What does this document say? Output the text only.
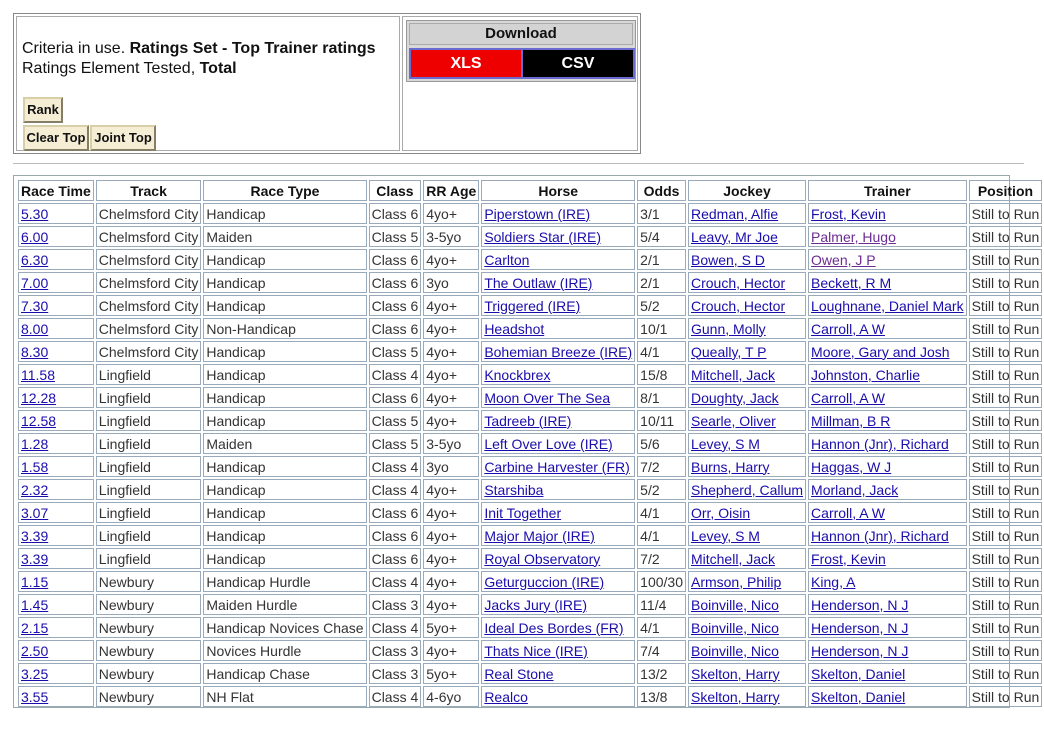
Criteria in use. Ratings Set - Top Trainer ratings
Ratings Element Tested, Total
Rank
Clear Top Joint Top
Download
XLS	CSV
Race Time	Track	Race Type	Class	RR Age	Horse	Odds	Jockey	Trainer	Position
5.30	Chelmsford City	Handicap	Class 6	4yo+	Piperstown (IRE)	3/1	Redman, Alfie	Frost, Kevin	Still to Run
6.00	Chelmsford City	Maiden	Class 5	3-5yo	Soldiers Star (IRE)	5/4	Leavy, Mr Joe	Palmer, Hugo	Still to Run
6.30	Chelmsford City	Handicap	Class 6	4yo+	Carlton	2/1	Bowen, S D	Owen, J P	Still to Run
7.00	Chelmsford City	Handicap	Class 6	3yo	The Outlaw (IRE)	2/1	Crouch, Hector	Beckett, R M	Still to Run
7.30	Chelmsford City	Handicap	Class 6	4yo+	Triggered (IRE)	5/2	Crouch, Hector	Loughnane, Daniel Mark	Still to Run
8.00	Chelmsford City	Non-Handicap	Class 6	4yo+	Headshot	10/1	Gunn, Molly	Carroll, A W	Still to Run
8.30	Chelmsford City	Handicap	Class 5	4yo+	Bohemian Breeze (IRE)	4/1	Queally, T P	Moore, Gary and Josh	Still to Run
11.58	Lingfield	Handicap	Class 4	4yo+	Knockbrex	15/8	Mitchell, Jack	Johnston, Charlie	Still to Run
12.28	Lingfield	Handicap	Class 6	4yo+	Moon Over The Sea	8/1	Doughty, Jack	Carroll, A W	Still to Run
12.58	Lingfield	Handicap	Class 5	4yo+	Tadreeb (IRE)	10/11	Searle, Oliver	Millman, B R	Still to Run
1.28	Lingfield	Maiden	Class 5	3-5yo	Left Over Love (IRE)	5/6	Levey, S M	Hannon (Jnr), Richard	Still to Run
1.58	Lingfield	Handicap	Class 4	3yo	Carbine Harvester (FR)	7/2	Burns, Harry	Haggas, W J	Still to Run
2.32	Lingfield	Handicap	Class 4	4yo+	Starshiba	5/2	Shepherd, Callum	Morland, Jack	Still to Run
3.07	Lingfield	Handicap	Class 6	4yo+	Init Together	4/1	Orr, Oisin	Carroll, A W	Still to Run
3.39	Lingfield	Handicap	Class 6	4yo+	Major Major (IRE)	4/1	Levey, S M	Hannon (Jnr), Richard	Still to Run
3.39	Lingfield	Handicap	Class 6	4yo+	Royal Observatory	7/2	Mitchell, Jack	Frost, Kevin	Still to Run
1.15	Newbury	Handicap Hurdle	Class 4	4yo+	Geturguccion (IRE)	100/30	Armson, Philip	King, A	Still to Run
1.45	Newbury	Maiden Hurdle	Class 3	4yo+	Jacks Jury (IRE)	11/4	Boinville, Nico	Henderson, N J	Still to Run
2.15	Newbury	Handicap Novices Chase	Class 4	5yo+	Ideal Des Bordes (FR)	4/1	Boinville, Nico	Henderson, N J	Still to Run
2.50	Newbury	Novices Hurdle	Class 3	4yo+	Thats Nice (IRE)	7/4	Boinville, Nico	Henderson, N J	Still to Run
3.25	Newbury	Handicap Chase	Class 3	5yo+	Real Stone	13/2	Skelton, Harry	Skelton, Daniel	Still to Run
3.55	Newbury	NH Flat	Class 4	4-6yo	Realco	13/8	Skelton, Harry	Skelton, Daniel	Still to Run
